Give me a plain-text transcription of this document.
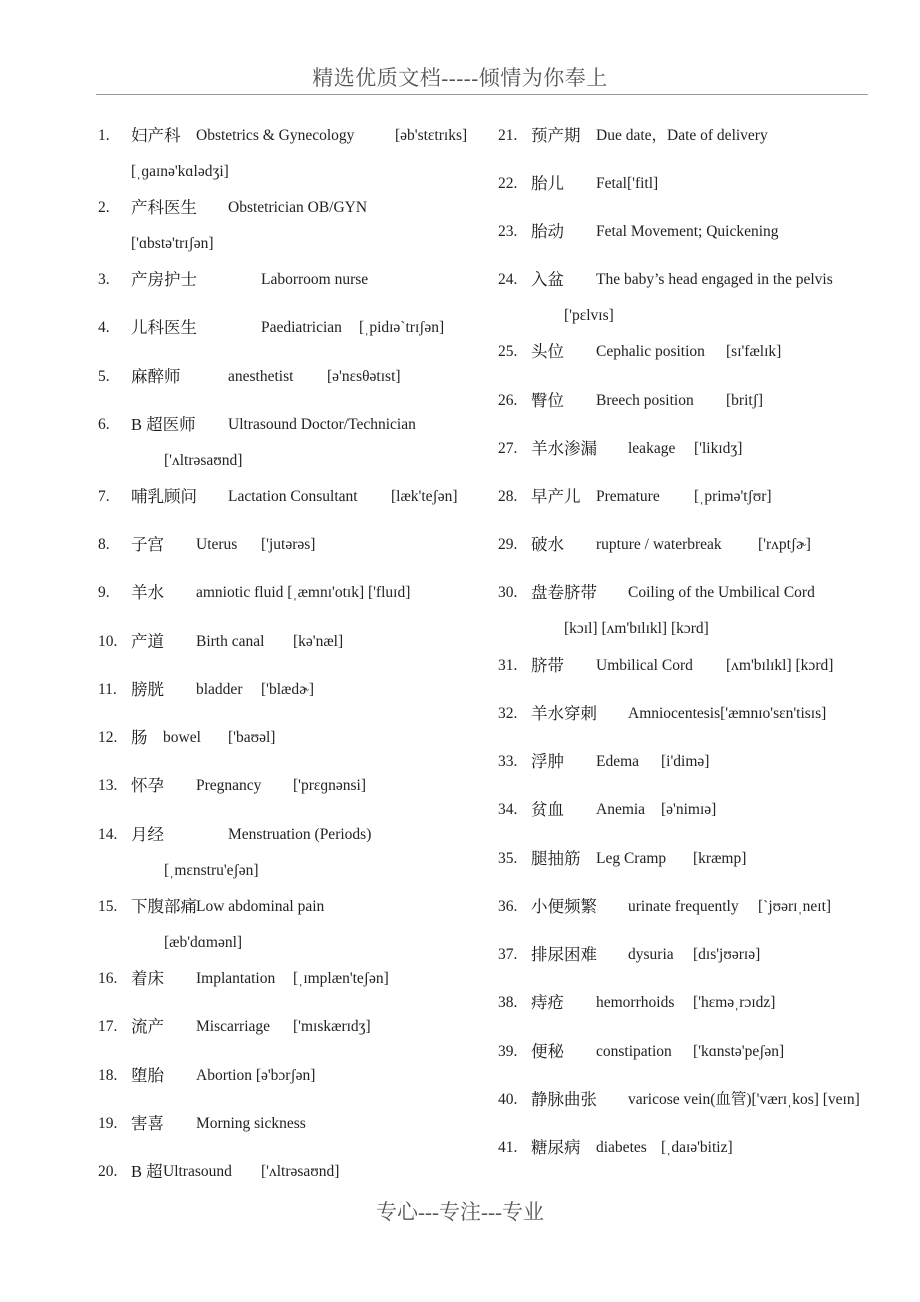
精选优质文档-----倾情为你奉上
1. 妇产科 Obstetrics & Gynecology	[əb'stɛtrɪks]
[ˌɡaɪnə'kɑlədʒi]
2. 产科医生 Obstetrician OB/GYN
['ɑbstə'trɪʃən]
3. 产房护士	Laborroom nurse
4. 儿科医生	Paediatrician [ˌpidɪəˋtrɪʃən]
5. 麻醉师	anesthetist [ə'nɛsθətɪst]
6. B 超医师 Ultrasound Doctor/Technician
['ʌltrəsaʊnd]
7. 哺乳顾问 Lactation Consultant [læk'teʃən]
8. 子宫 Uterus ['jutərəs]
9. 羊水 amniotic fluid [ˌæmnɪ'otɪk] ['fluɪd]
10. 产道 Birth canal [kə'næl]
11. 膀胱 bladder ['blædɚ]
12. 肠 bowel ['baʊəl]
13. 怀孕 Pregnancy ['prɛɡnənsi]
14. 月经	Menstruation (Periods)
[ˌmɛnstru'eʃən]
15. 下腹部痛 Low abdominal pain
[æb'dɑmənl]
16. 着床 Implantation [ˌɪmplæn'teʃən]
17. 流产 Miscarriage ['mɪskærɪdʒ]
18. 堕胎 Abortion [ə'bɔrʃən]
19. 害喜 Morning sickness
20. B 超 Ultrasound ['ʌltrəsaʊnd]
21. 预产期 Due date，Date of delivery
22. 胎儿 Fetal['fitl]
23. 胎动 Fetal Movement; Quickening
24. 入盆 The baby’s head engaged in the pelvis
['pɛlvɪs]
25. 头位 Cephalic position [sɪ'fælɪk]
26. 臀位 Breech position [britʃ]
27. 羊水渗漏 leakage ['likɪdʒ]
28. 早产儿 Premature [ˌprimə'tʃʊr]
29. 破水 rupture / waterbreak ['rʌptʃɚ]
30. 盘卷脐带 Coiling of the Umbilical Cord
[kɔɪl] [ʌm'bɪlɪkl] [kɔrd]
31. 脐带 Umbilical Cord [ʌm'bɪlɪkl] [kɔrd]
32. 羊水穿刺 Amniocentesis['æmnɪo'sɛn'tisɪs]
33. 浮肿 Edema [i'dimə]
34. 贫血 Anemia [ə'nimɪə]
35. 腿抽筋 Leg Cramp [kræmp]
36. 小便频繁 urinate frequently [ˋjʊərɪˌneɪt]
37. 排尿困难 dysuria [dɪs'jʊərɪə]
38. 痔疮 hemorrhoids ['hɛməˌrɔɪdz]
39. 便秘 constipation ['kɑnstə'peʃən]
40. 静脉曲张 varicose vein(血管)['værɪˌkos] [veɪn]
41. 糖尿病 diabetes [ˌdaɪə'bitiz]
专心---专注---专业
